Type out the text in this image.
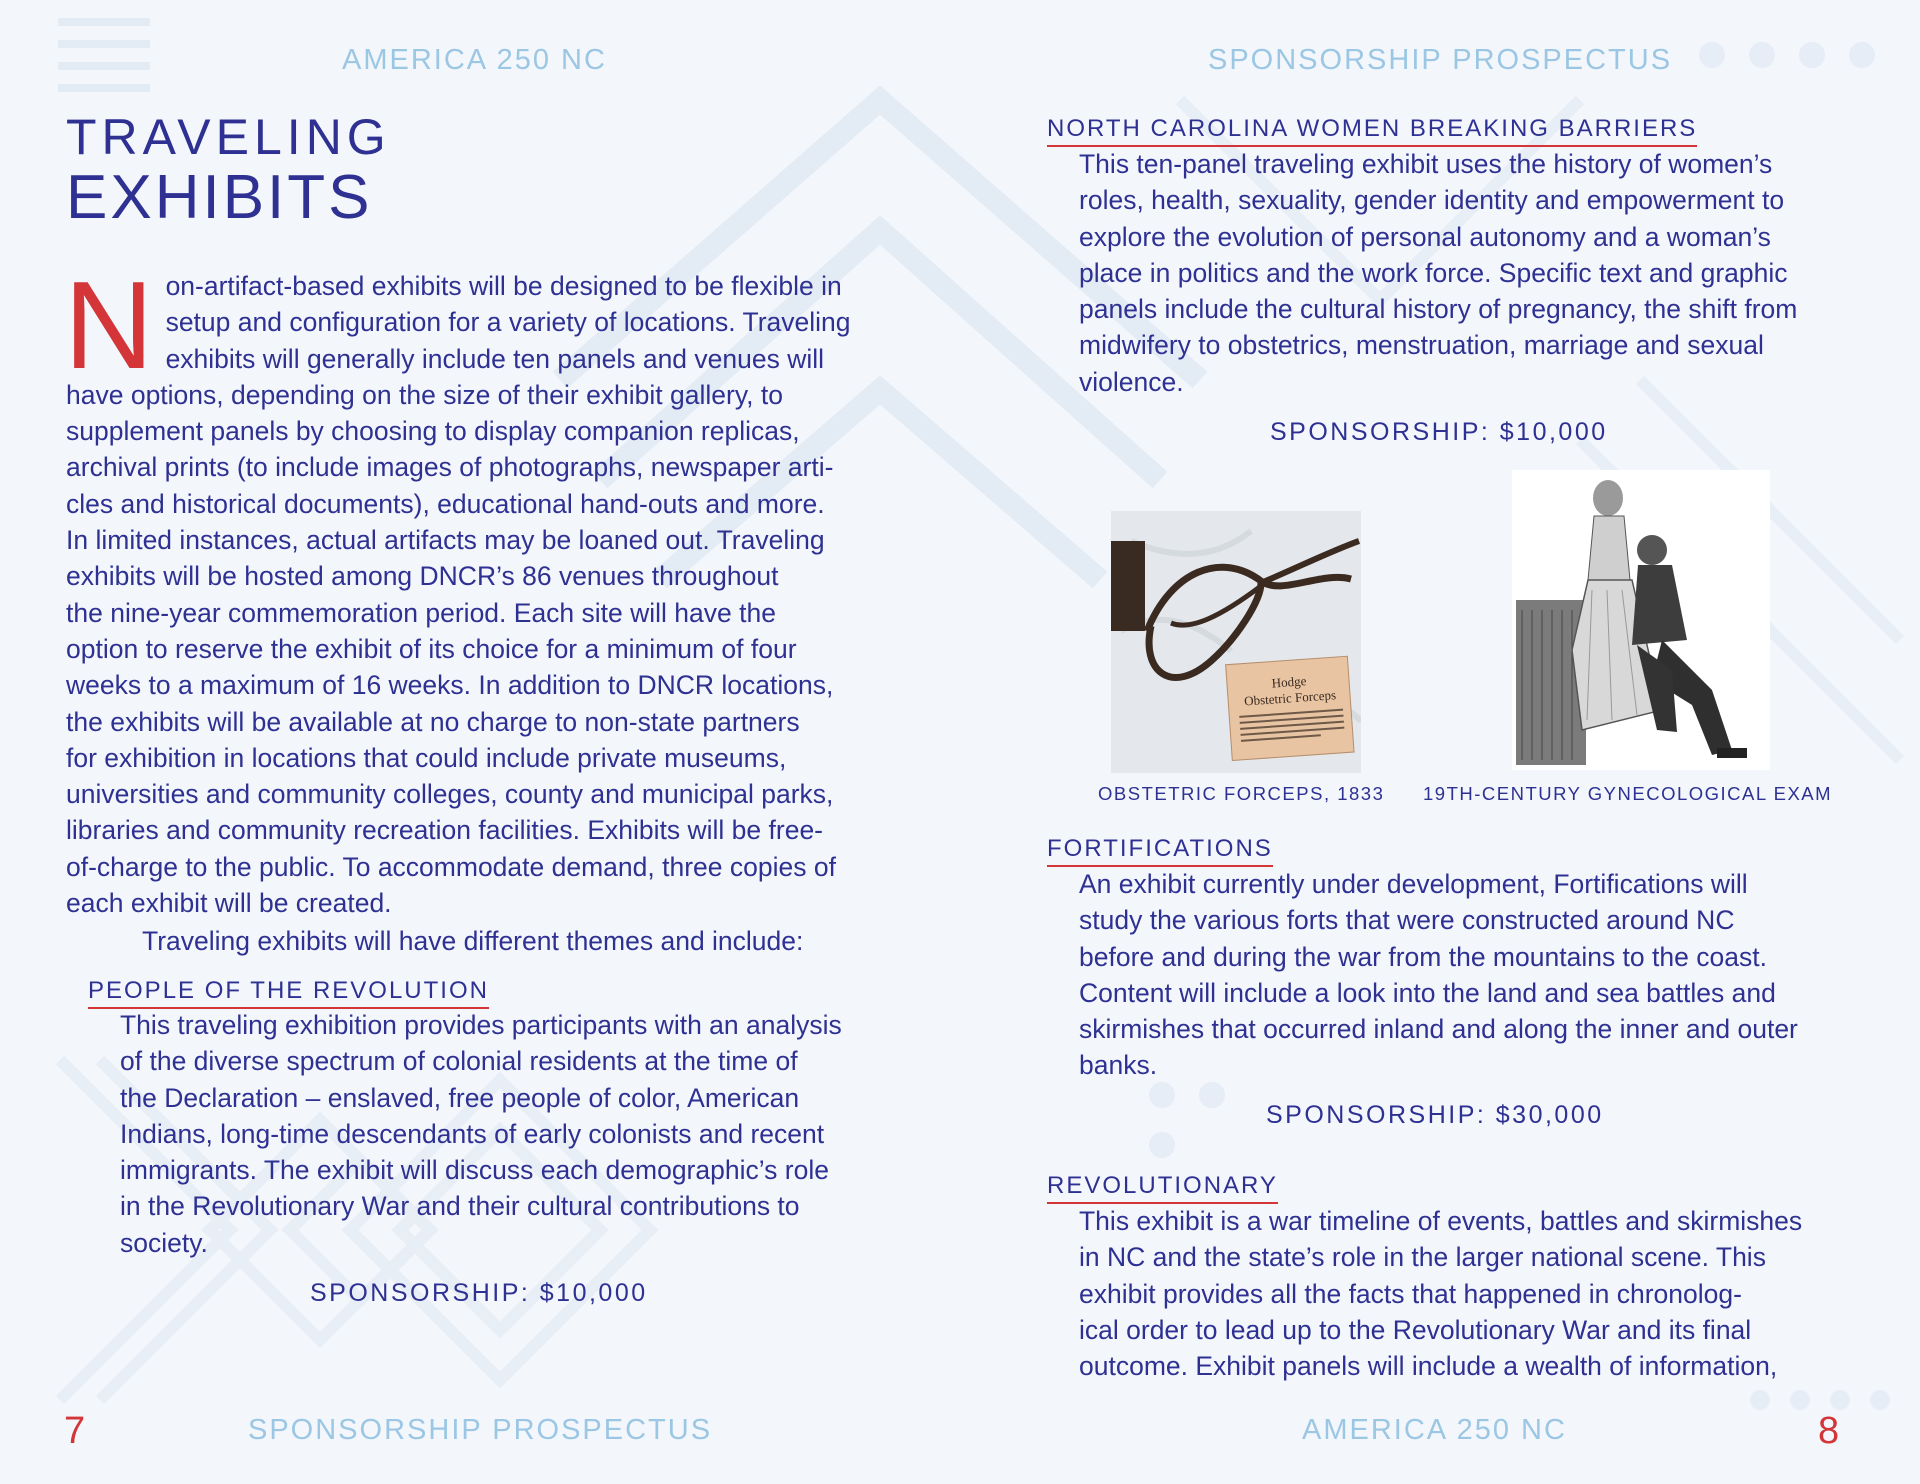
AMERICA 250 NC
TRAVELING
EXHIBITS
N on-artifact-based exhibits will be designed to be flexible in
setup and configuration for a variety of locations. Traveling
exhibits will generally include ten panels and venues will
have options, depending on the size of their exhibit gallery, to
supplement panels by choosing to display companion replicas,
archival prints (to include images of photographs, newspaper arti-
cles and historical documents), educational hand-outs and more.
In limited instances, actual artifacts may be loaned out. Traveling
exhibits will be hosted among DNCR’s 86 venues throughout
the nine-year commemoration period. Each site will have the
option to reserve the exhibit of its choice for a minimum of four
weeks to a maximum of 16 weeks. In addition to DNCR locations,
the exhibits will be available at no charge to non-state partners
for exhibition in locations that could include private museums,
universities and community colleges, county and municipal parks,
libraries and community recreation facilities. Exhibits will be free-
of-charge to the public. To accommodate demand, three copies of
each exhibit will be created.
Traveling exhibits will have different themes and include:
PEOPLE OF THE REVOLUTION
This traveling exhibition provides participants with an analysis
of the diverse spectrum of colonial residents at the time of
the Declaration – enslaved, free people of color, American
Indians, long-time descendants of early colonists and recent
immigrants. The exhibit will discuss each demographic’s role
in the Revolutionary War and their cultural contributions to
society.
SPONSORSHIP: $10,000
7	SPONSORSHIP PROSPECTUS
SPONSORSHIP PROSPECTUS
NORTH CAROLINA WOMEN BREAKING BARRIERS
This ten-panel traveling exhibit uses the history of women’s
roles, health, sexuality, gender identity and empowerment to
explore the evolution of personal autonomy and a woman’s
place in politics and the work force. Specific text and graphic
panels include the cultural history of pregnancy, the shift from
midwifery to obstetrics, menstruation, marriage and sexual
violence.
SPONSORSHIP: $10,000
Hodge
Obstetric Forceps
OBSTETRIC FORCEPS, 1833 19TH-CENTURY GYNECOLOGICAL EXAM
FORTIFICATIONS
An exhibit currently under development, Fortifications will
study the various forts that were constructed around NC
before and during the war from the mountains to the coast.
Content will include a look into the land and sea battles and
skirmishes that occurred inland and along the inner and outer
banks.
SPONSORSHIP: $30,000
REVOLUTIONARY
This exhibit is a war timeline of events, battles and skirmishes
in NC and the state’s role in the larger national scene. This
exhibit provides all the facts that happened in chronolog-
ical order to lead up to the Revolutionary War and its final
outcome. Exhibit panels will include a wealth of information,
AMERICA 250 NC	8
